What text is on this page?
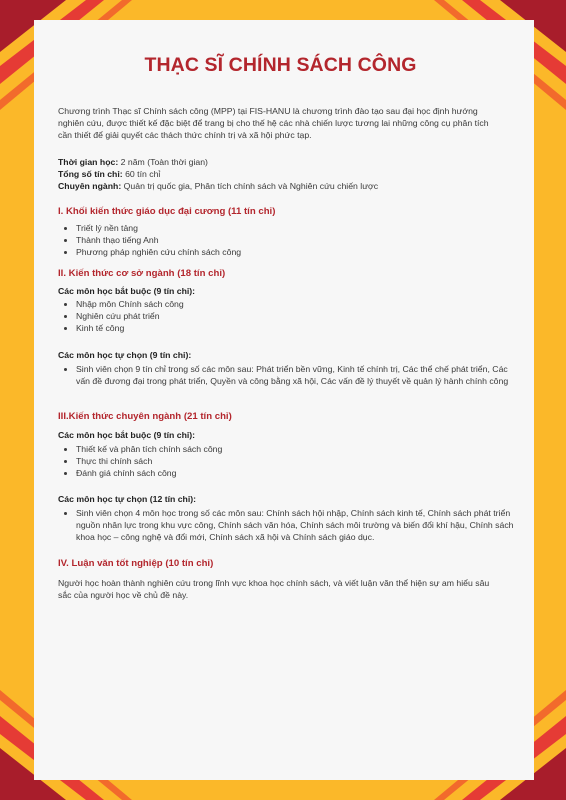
THẠC SĨ CHÍNH SÁCH CÔNG

Chương trình Thạc sĩ Chính sách công (MPP) tại FIS-HANU là chương trình đào tạo sau đại học định hướng nghiên cứu, được thiết kế đặc biệt để trang bị cho thế hệ các nhà chiến lược tương lai những công cụ phân tích cần thiết để giải quyết các thách thức chính trị và xã hội phức tạp.

Thời gian học: 2 năm (Toàn thời gian)
Tổng số tín chỉ: 60 tín chỉ
Chuyên ngành: Quản trị quốc gia, Phân tích chính sách và Nghiên cứu chiến lược
I. Khối kiến thức giáo dục đại cương (11 tín chỉ)
• Triết lý nền tảng
• Thành thạo tiếng Anh
• Phương pháp nghiên cứu chính sách công
II. Kiến thức cơ sở ngành (18 tín chỉ)
Các môn học bắt buộc (9 tín chỉ):
• Nhập môn Chính sách công
• Nghiên cứu phát triển
• Kinh tế công
Các môn học tự chọn (9 tín chỉ):
• Sinh viên chọn 9 tín chỉ trong số các môn sau: Phát triển bền vững, Kinh tế chính trị, Các thể chế phát triển, Các vấn đề đương đại trong phát triển, Quyền và công bằng xã hội, Các vấn đề lý thuyết về quản lý hành chính công
III.Kiến thức chuyên ngành (21 tín chỉ)
Các môn học bắt buộc (9 tín chỉ):
• Thiết kế và phân tích chính sách công
• Thực thi chính sách
• Đánh giá chính sách công
Các môn học tự chọn (12 tín chỉ):
• Sinh viên chọn 4 môn học trong số các môn sau: Chính sách hội nhập, Chính sách kinh tế, Chính sách phát triển nguồn nhân lực trong khu vực công, Chính sách văn hóa, Chính sách môi trường và biến đổi khí hậu, Chính sách khoa học – công nghệ và đổi mới, Chính sách xã hội và Chính sách giáo dục.
IV. Luận văn tốt nghiệp (10 tín chỉ)

Người học hoàn thành nghiên cứu trong lĩnh vực khoa học chính sách, và viết luận văn thể hiện sự am hiểu sâu sắc của người học về chủ đề này.
